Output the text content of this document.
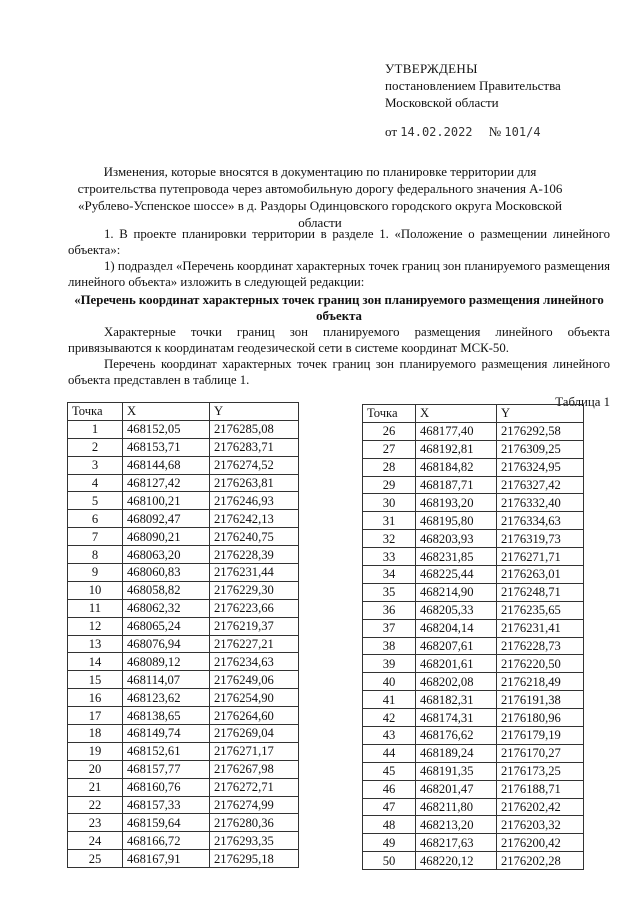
УТВЕРЖДЕНЫ
постановлением Правительства
Московской области
от 14.02.2022 № 101/4
Изменения, которые вносятся в документацию по планировке территории для строительства путепровода через автомобильную дорогу федерального значения А-106 «Рублево-Успенское шоссе» в д. Раздоры Одинцовского городского округа Московской области

1. В проекте планировки территории в разделе 1. «Положение о размещении линейного объекта»:

1) подраздел «Перечень координат характерных точек границ зон планируемого размещения линейного объекта» изложить в следующей редакции:

«Перечень координат характерных точек границ зон планируемого размещения линейного объекта

Характерные точки границ зон планируемого размещения линейного объекта привязываются к координатам геодезической сети в системе координат МСК-50.

Перечень координат характерных точек границ зон планируемого размещения линейного объекта представлен в таблице 1.

Таблица 1
Точка	X	Y
1	468152,05	2176285,08
2	468153,71	2176283,71
3	468144,68	2176274,52
4	468127,42	2176263,81
5	468100,21	2176246,93
6	468092,47	2176242,13
7	468090,21	2176240,75
8	468063,20	2176228,39
9	468060,83	2176231,44
10	468058,82	2176229,30
11	468062,32	2176223,66
12	468065,24	2176219,37
13	468076,94	2176227,21
14	468089,12	2176234,63
15	468114,07	2176249,06
16	468123,62	2176254,90
17	468138,65	2176264,60
18	468149,74	2176269,04
19	468152,61	2176271,17
20	468157,77	2176267,98
21	468160,76	2176272,71
22	468157,33	2176274,99
23	468159,64	2176280,36
24	468166,72	2176293,35
25	468167,91	2176295,18
Точка	X	Y
26	468177,40	2176292,58
27	468192,81	2176309,25
28	468184,82	2176324,95
29	468187,71	2176327,42
30	468193,20	2176332,40
31	468195,80	2176334,63
32	468203,93	2176319,73
33	468231,85	2176271,71
34	468225,44	2176263,01
35	468214,90	2176248,71
36	468205,33	2176235,65
37	468204,14	2176231,41
38	468207,61	2176228,73
39	468201,61	2176220,50
40	468202,08	2176218,49
41	468182,31	2176191,38
42	468174,31	2176180,96
43	468176,62	2176179,19
44	468189,24	2176170,27
45	468191,35	2176173,25
46	468201,47	2176188,71
47	468211,80	2176202,42
48	468213,20	2176203,32
49	468217,63	2176200,42
50	468220,12	2176202,28
